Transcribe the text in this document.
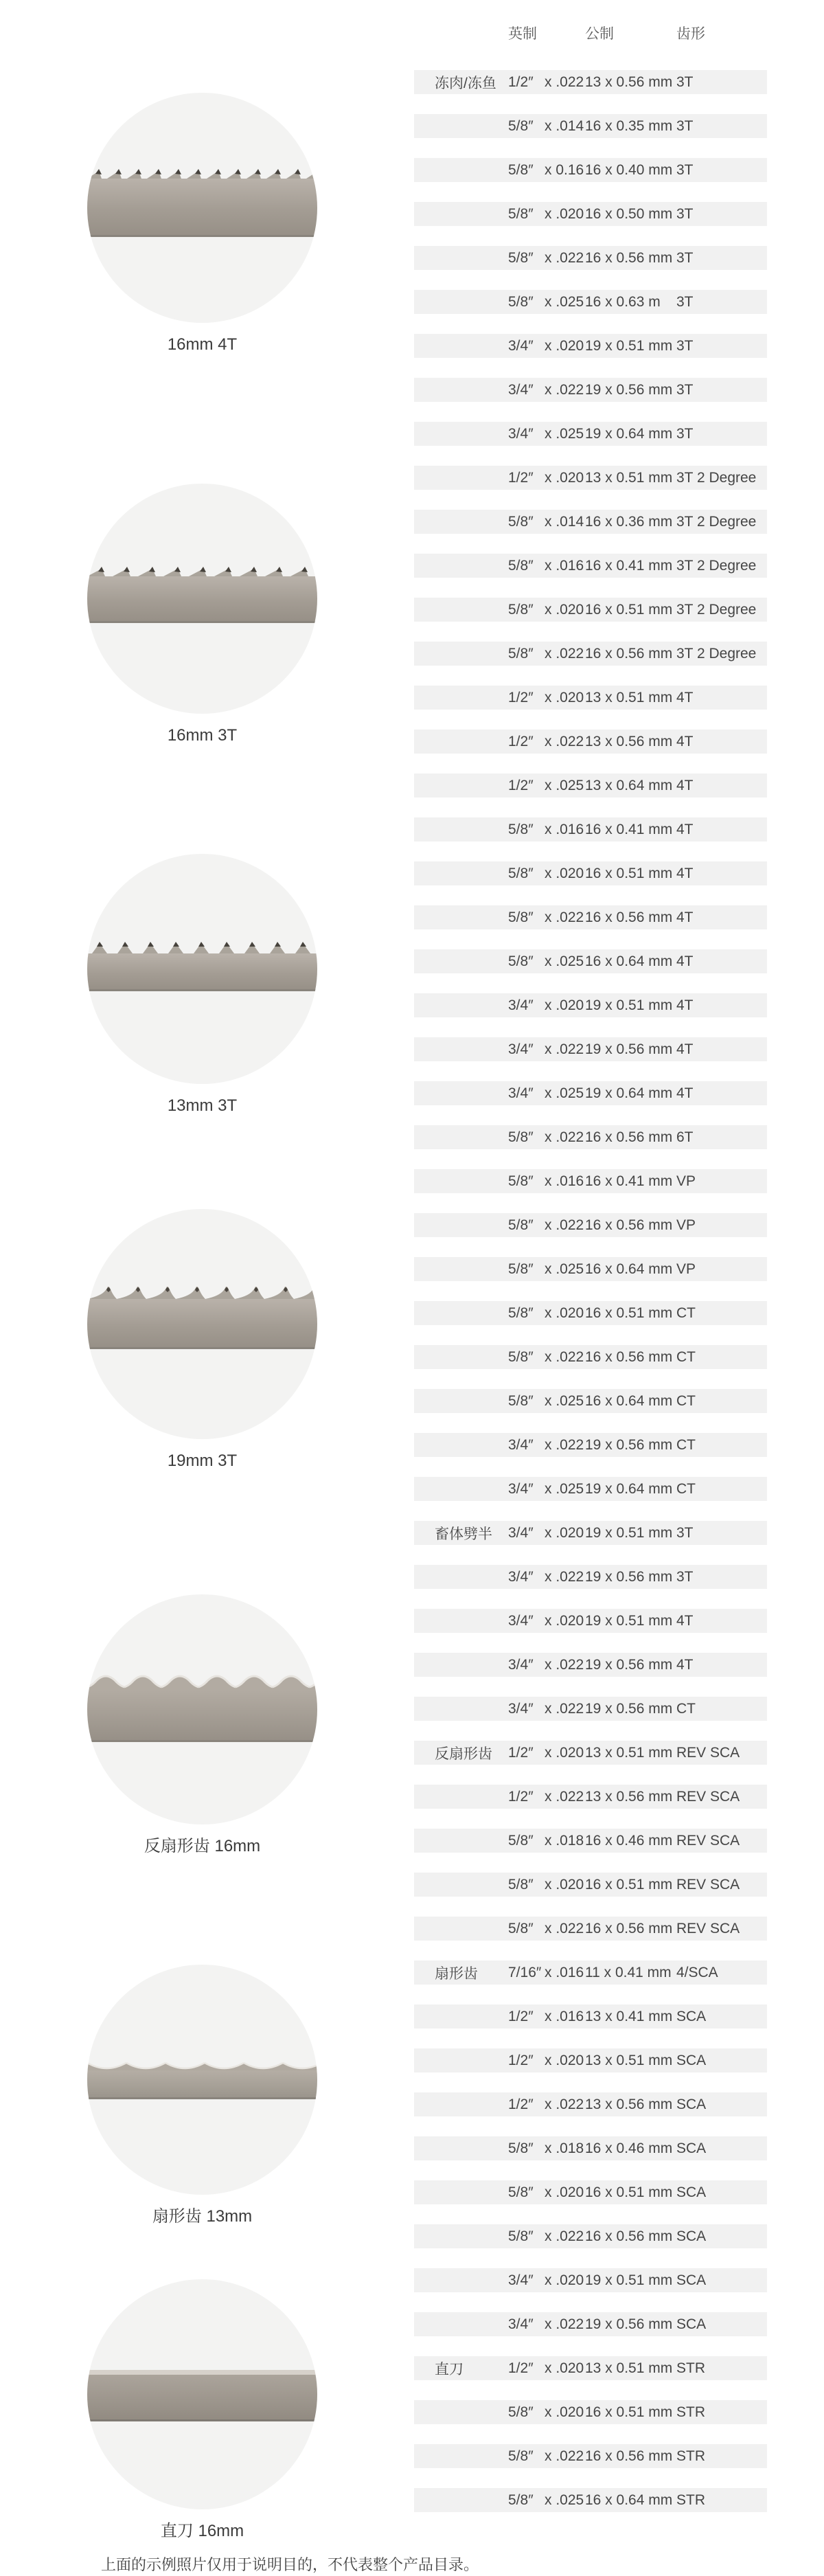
16mm 4T
16mm 3T
13mm 3T
19mm 3T
反扇形齿 16mm
扇形齿 13mm
直刀 16mm
英制	公制	齿形
冻肉/冻鱼 1/2″ x .022 13 x 0.56 mm 3T
5/8″ x .014 16 x 0.35 mm 3T
5/8″ x 0.16 16 x 0.40 mm 3T
5/8″ x .020 16 x 0.50 mm 3T
5/8″ x .022 16 x 0.56 mm 3T
5/8″ x .025 16 x 0.63 m	3T
3/4″ x .020 19 x 0.51 mm 3T
3/4″ x .022 19 x 0.56 mm 3T
3/4″ x .025 19 x 0.64 mm 3T
1/2″ x .020 13 x 0.51 mm 3T 2 Degree
5/8″ x .014 16 x 0.36 mm 3T 2 Degree
5/8″ x .016 16 x 0.41 mm 3T 2 Degree
5/8″ x .020 16 x 0.51 mm 3T 2 Degree
5/8″ x .022 16 x 0.56 mm 3T 2 Degree
1/2″ x .020 13 x 0.51 mm 4T
1/2″ x .022 13 x 0.56 mm 4T
1/2″ x .025 13 x 0.64 mm 4T
5/8″ x .016 16 x 0.41 mm 4T
5/8″ x .020 16 x 0.51 mm 4T
5/8″ x .022 16 x 0.56 mm 4T
5/8″ x .025 16 x 0.64 mm 4T
3/4″ x .020 19 x 0.51 mm 4T
3/4″ x .022 19 x 0.56 mm 4T
3/4″ x .025 19 x 0.64 mm 4T
5/8″ x .022 16 x 0.56 mm 6T
5/8″ x .016 16 x 0.41 mm VP
5/8″ x .022 16 x 0.56 mm VP
5/8″ x .025 16 x 0.64 mm VP
5/8″ x .020 16 x 0.51 mm CT
5/8″ x .022 16 x 0.56 mm CT
5/8″ x .025 16 x 0.64 mm CT
3/4″ x .022 19 x 0.56 mm CT
3/4″ x .025 19 x 0.64 mm CT
畜体劈半	3/4″ x .020 19 x 0.51 mm 3T
3/4″ x .022 19 x 0.56 mm 3T
3/4″ x .020 19 x 0.51 mm 4T
3/4″ x .022 19 x 0.56 mm 4T
3/4″ x .022 19 x 0.56 mm CT
反扇形齿	1/2″ x .020 13 x 0.51 mm REV SCA
1/2″ x .022 13 x 0.56 mm REV SCA
5/8″ x .018 16 x 0.46 mm REV SCA
5/8″ x .020 16 x 0.51 mm REV SCA
5/8″ x .022 16 x 0.56 mm REV SCA
扇形齿	7/16″ x .016 11 x 0.41 mm 4/SCA
1/2″ x .016 13 x 0.41 mm SCA
1/2″ x .020 13 x 0.51 mm SCA
1/2″ x .022 13 x 0.56 mm SCA
5/8″ x .018 16 x 0.46 mm SCA
5/8″ x .020 16 x 0.51 mm SCA
5/8″ x .022 16 x 0.56 mm SCA
3/4″ x .020 19 x 0.51 mm SCA
3/4″ x .022 19 x 0.56 mm SCA
直刀	1/2″ x .020 13 x 0.51 mm STR
5/8″ x .020 16 x 0.51 mm STR
5/8″ x .022 16 x 0.56 mm STR
5/8″ x .025 16 x 0.64 mm STR
上面的示例照片仅用于说明目的，不代表整个产品目录。
